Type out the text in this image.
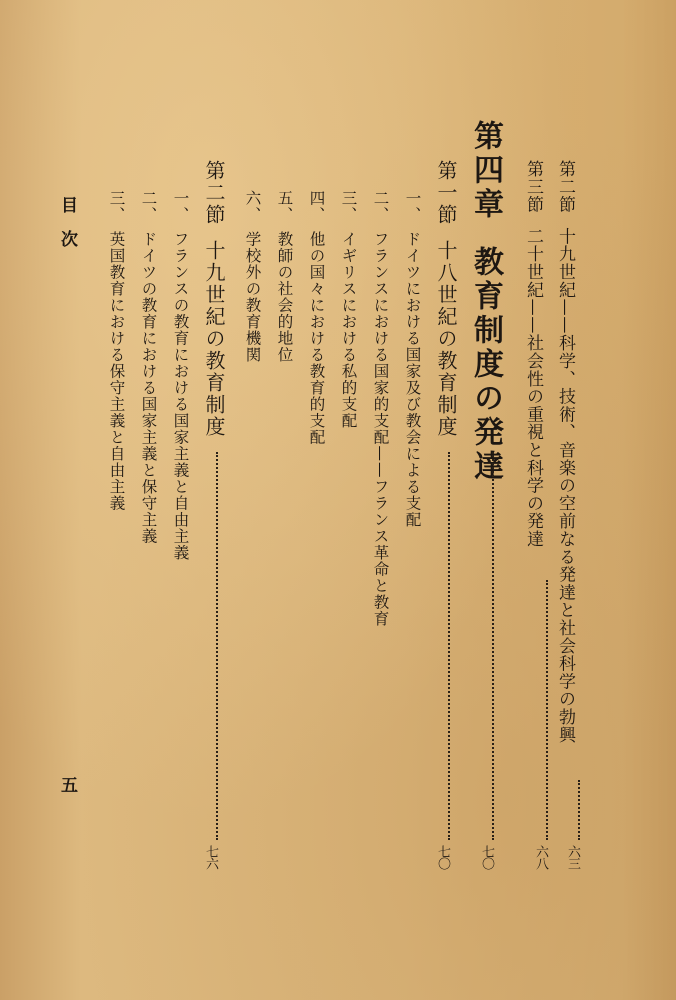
第二節十九世紀——科学、技術、音楽の空前なる発達と社会科学の勃興
六三
第三節二十世紀——社会性の重視と科学の発達
六八
第四章教育制度の発達
七〇
第一節十八世紀の教育制度
七〇
一、ドイツにおける国家及び教会による支配
二、フランスにおける国家的支配——フランス革命と教育
三、イギリスにおける私的支配
四、他の国々における教育的支配
五、教師の社会的地位
六、学校外の教育機関
第二節十九世紀の教育制度
七六
一、フランスの教育における国家主義と自由主義
二、ドイツの教育における国家主義と保守主義
三、英国教育における保守主義と自由主義
目　次
五
